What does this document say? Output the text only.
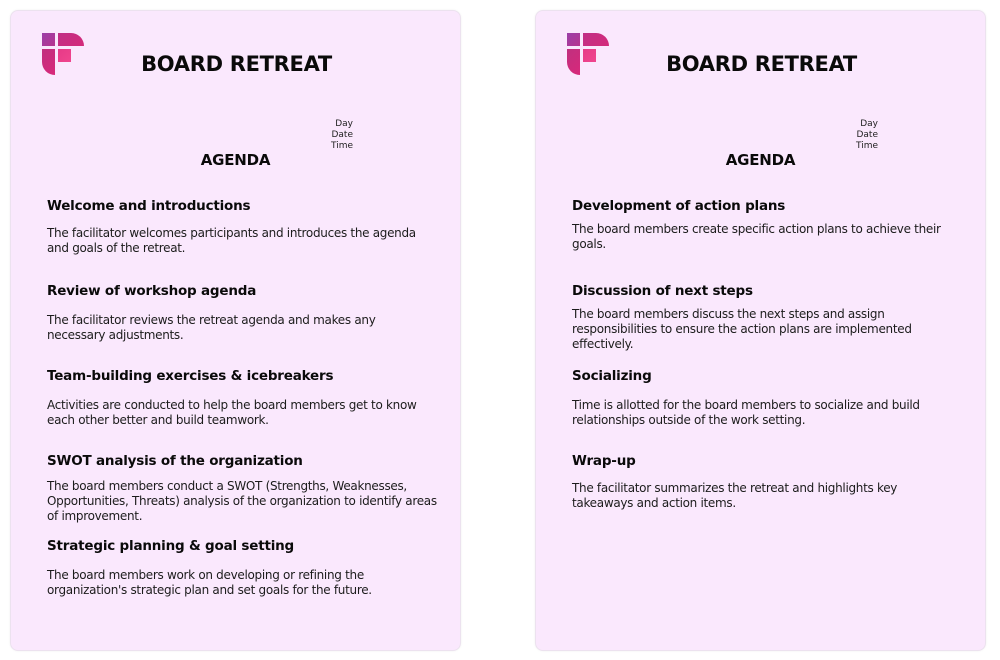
BOARD RETREAT
Day
Date
Time
AGENDA
Welcome and introductions
The facilitator welcomes participants and introduces the agenda and goals of the retreat.
Review of workshop agenda
The facilitator reviews the retreat agenda and makes any necessary adjustments.
Team-building exercises & icebreakers
Activities are conducted to help the board members get to know each other better and build teamwork.
SWOT analysis of the organization
The board members conduct a SWOT (Strengths, Weaknesses, Opportunities, Threats) analysis of the organization to identify areas of improvement.
Strategic planning & goal setting
The board members work on developing or refining the organization's strategic plan and set goals for the future.
BOARD RETREAT
Day
Date
Time
AGENDA
Development of action plans
The board members create specific action plans to achieve their goals.
Discussion of next steps
The board members discuss the next steps and assign responsibilities to ensure the action plans are implemented effectively.
Socializing
Time is allotted for the board members to socialize and build relationships outside of the work setting.
Wrap-up
The facilitator summarizes the retreat and highlights key takeaways and action items.
